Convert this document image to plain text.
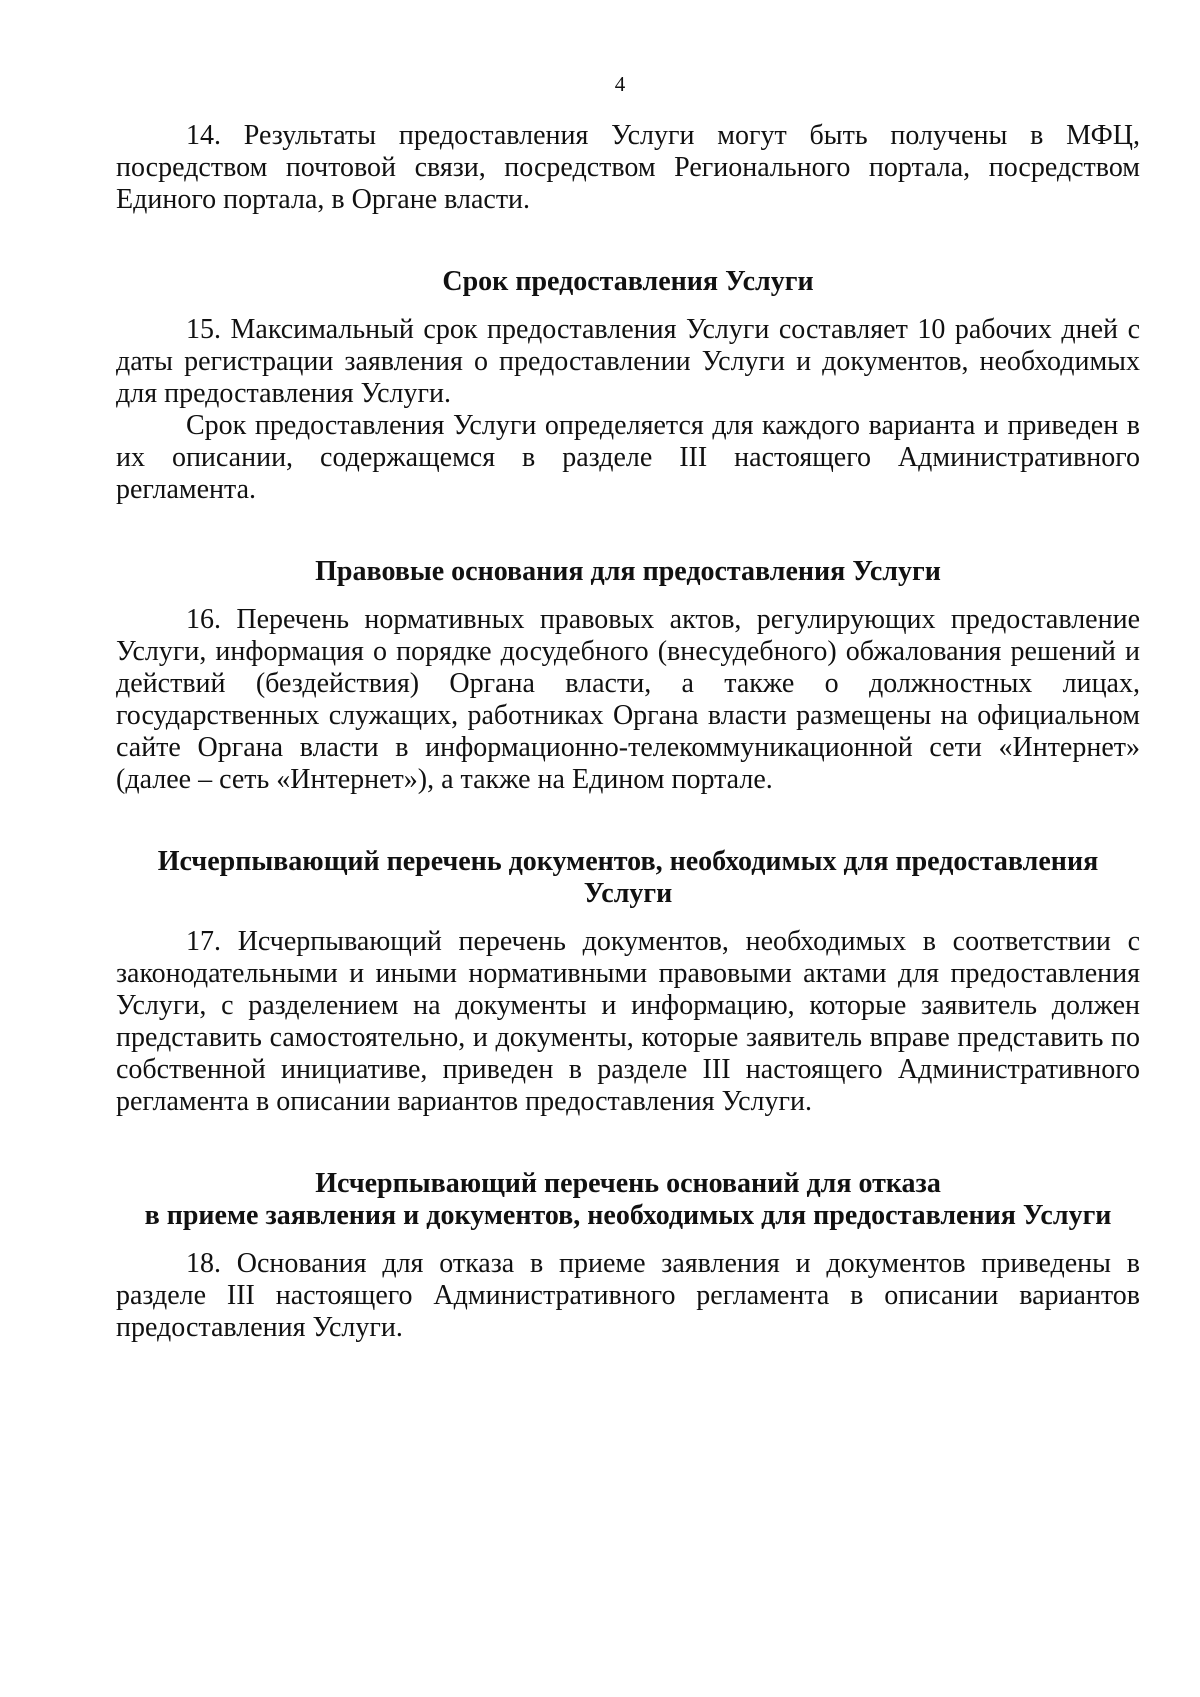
4

14. Результаты предоставления Услуги могут быть получены в МФЦ, посредством почтовой связи, посредством Регионального портала, посредством Единого портала, в Органе власти.

Срок предоставления Услуги

15. Максимальный срок предоставления Услуги составляет 10 рабочих дней с даты регистрации заявления о предоставлении Услуги и документов, необходимых для предоставления Услуги.

Срок предоставления Услуги определяется для каждого варианта и приведен в их описании, содержащемся в разделе III настоящего Административного регламента.

Правовые основания для предоставления Услуги

16. Перечень нормативных правовых актов, регулирующих предоставление Услуги, информация о порядке досудебного (внесудебного) обжалования решений и действий (бездействия) Органа власти, а также о должностных лицах, государственных служащих, работниках Органа власти размещены на официальном сайте Органа власти в информационно-телекоммуникационной сети «Интернет» (далее – сеть «Интернет»), а также на Едином портале.

Исчерпывающий перечень документов, необходимых для предоставления
Услуги

17. Исчерпывающий перечень документов, необходимых в соответствии с законодательными и иными нормативными правовыми актами для предоставления Услуги, с разделением на документы и информацию, которые заявитель должен представить самостоятельно, и документы, которые заявитель вправе представить по собственной инициативе, приведен в разделе III настоящего Административного регламента в описании вариантов предоставления Услуги.

Исчерпывающий перечень оснований для отказа
в приеме заявления и документов, необходимых для предоставления Услуги

18. Основания для отказа в приеме заявления и документов приведены в разделе III настоящего Административного регламента в описании вариантов предоставления Услуги.
